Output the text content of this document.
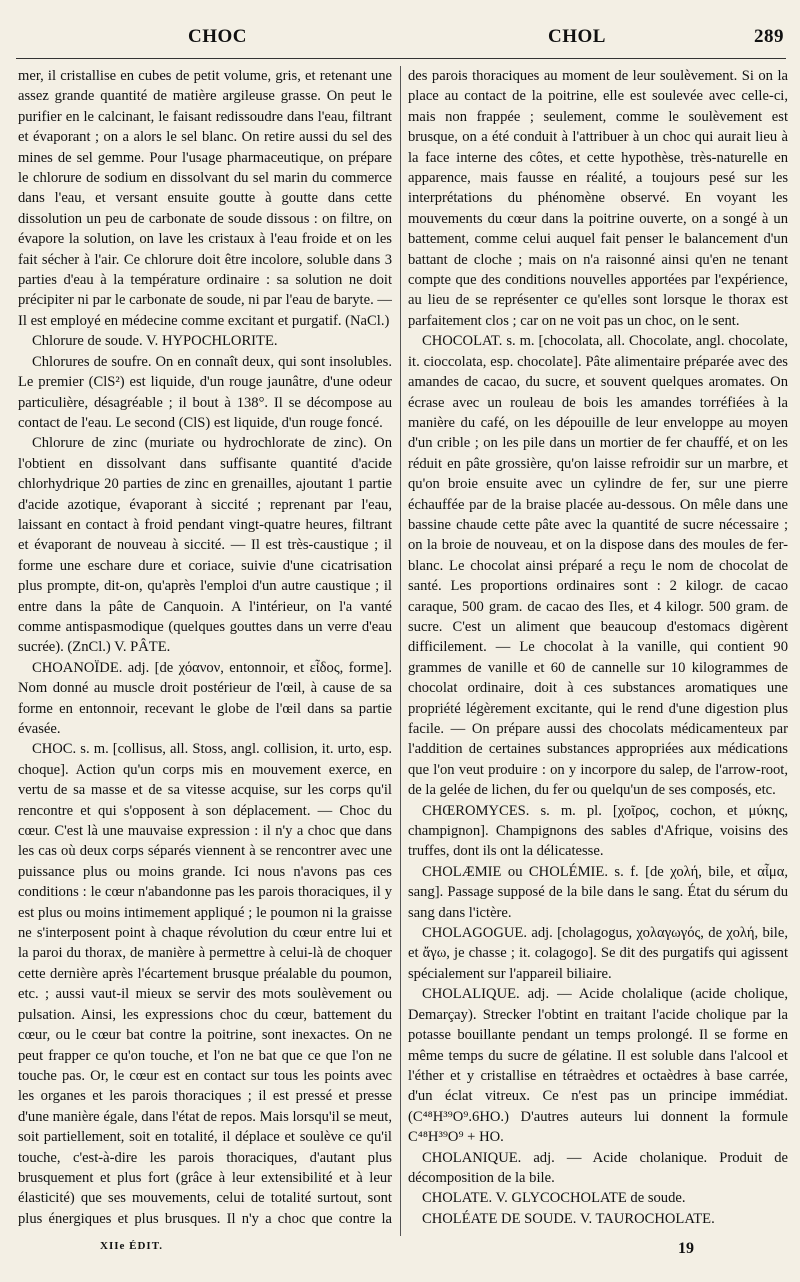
CHOC	CHOL	289

mer, il cristallise en cubes de petit volume, gris, et retenant une assez grande quantité de matière argileuse grasse. On peut le purifier en le calcinant, le faisant redissoudre dans l'eau, filtrant et évaporant ; on a alors le sel blanc. On retire aussi du sel des mines de sel gemme. Pour l'usage pharmaceutique, on prépare le chlorure de sodium en dissolvant du sel marin du commerce dans l'eau, et versant ensuite goutte à goutte dans cette dissolution un peu de carbonate de soude dissous : on filtre, on évapore la solution, on lave les cristaux à l'eau froide et on les fait sécher à l'air. Ce chlorure doit être incolore, soluble dans 3 parties d'eau à la température ordinaire : sa solution ne doit précipiter ni par le carbonate de soude, ni par l'eau de baryte. — Il est employé en médecine comme excitant et purgatif. (NaCl.)

Chlorure de soude. V. HYPOCHLORITE.

Chlorures de soufre. On en connaît deux, qui sont insolubles. Le premier (ClS²) est liquide, d'un rouge jaunâtre, d'une odeur particulière, désagréable ; il bout à 138°. Il se décompose au contact de l'eau. Le second (ClS) est liquide, d'un rouge foncé.

Chlorure de zinc (muriate ou hydrochlorate de zinc). On l'obtient en dissolvant dans suffisante quantité d'acide chlorhydrique 20 parties de zinc en grenailles, ajoutant 1 partie d'acide azotique, évaporant à siccité ; reprenant par l'eau, laissant en contact à froid pendant vingt-quatre heures, filtrant et évaporant de nouveau à siccité. — Il est très-caustique ; il forme une eschare dure et coriace, suivie d'une cicatrisation plus prompte, dit-on, qu'après l'emploi d'un autre caustique ; il entre dans la pâte de Canquoin. A l'intérieur, on l'a vanté comme antispasmodique (quelques gouttes dans un verre d'eau sucrée). (ZnCl.) V. PÂTE.

CHOANOÏDE. adj. [de χόανον, entonnoir, et εἶδος, forme]. Nom donné au muscle droit postérieur de l'œil, à cause de sa forme en entonnoir, recevant le globe de l'œil dans sa partie évasée.

CHOC. s. m. [collisus, all. Stoss, angl. collision, it. urto, esp. choque]. Action qu'un corps mis en mouvement exerce, en vertu de sa masse et de sa vitesse acquise, sur les corps qu'il rencontre et qui s'opposent à son déplacement. — Choc du cœur. C'est là une mauvaise expression : il n'y a choc que dans les cas où deux corps séparés viennent à se rencontrer avec une puissance plus ou moins grande. Ici nous n'avons pas ces conditions : le cœur n'abandonne pas les parois thoraciques, il y est plus ou moins intimement appliqué ; le poumon ni la graisse ne s'interposent point à chaque révolution du cœur entre lui et la paroi du thorax, de manière à permettre à celui-là de choquer cette dernière après l'écartement brusque préalable du poumon, etc. ; aussi vaut-il mieux se servir des mots soulèvement ou pulsation. Ainsi, les expressions choc du cœur, battement du cœur, ou le cœur bat contre la poitrine, sont inexactes. On ne peut frapper ce qu'on touche, et l'on ne bat que ce que l'on ne touche pas. Or, le cœur est en contact sur tous les points avec les organes et les parois thoraciques ; il est pressé et presse d'une manière égale, dans l'état de repos. Mais lorsqu'il se meut, soit partiellement, soit en totalité, il déplace et soulève ce qu'il touche, c'est-à-dire les parois thoraciques, d'autant plus brusquement et plus fort (grâce à leur extensibilité et à leur élasticité) que ses mouvements, celui de totalité surtout, sont plus énergiques et plus brusques. Il n'y a choc que contre la

des parois thoraciques au moment de leur soulèvement. Si on la place au contact de la poitrine, elle est soulevée avec celle-ci, mais non frappée ; seulement, comme le soulèvement est brusque, on a été conduit à l'attribuer à un choc qui aurait lieu à la face interne des côtes, et cette hypothèse, très-naturelle en apparence, mais fausse en réalité, a toujours pesé sur les interprétations du phénomène observé. En voyant les mouvements du cœur dans la poitrine ouverte, on a songé à un battement, comme celui auquel fait penser le balancement d'un battant de cloche ; mais on n'a raisonné ainsi qu'en ne tenant compte que des conditions nouvelles apportées par l'expérience, au lieu de se représenter ce qu'elles sont lorsque le thorax est parfaitement clos ; car on ne voit pas un choc, on le sent.

CHOCOLAT. s. m. [chocolata, all. Chocolate, angl. chocolate, it. cioccolata, esp. chocolate]. Pâte alimentaire préparée avec des amandes de cacao, du sucre, et souvent quelques aromates. On écrase avec un rouleau de bois les amandes torréfiées à la manière du café, on les dépouille de leur enveloppe au moyen d'un crible ; on les pile dans un mortier de fer chauffé, et on les réduit en pâte grossière, qu'on laisse refroidir sur un marbre, et qu'on broie ensuite avec un cylindre de fer, sur une pierre échauffée par de la braise placée au-dessous. On mêle dans une bassine chaude cette pâte avec la quantité de sucre nécessaire ; on la broie de nouveau, et on la dispose dans des moules de fer-blanc. Le chocolat ainsi préparé a reçu le nom de chocolat de santé. Les proportions ordinaires sont : 2 kilogr. de cacao caraque, 500 gram. de cacao des Iles, et 4 kilogr. 500 gram. de sucre. C'est un aliment que beaucoup d'estomacs digèrent difficilement. — Le chocolat à la vanille, qui contient 90 grammes de vanille et 60 de cannelle sur 10 kilogrammes de chocolat ordinaire, doit à ces substances aromatiques une propriété légèrement excitante, qui le rend d'une digestion plus facile. — On prépare aussi des chocolats médicamenteux par l'addition de certaines substances appropriées aux médications que l'on veut produire : on y incorpore du salep, de l'arrow-root, de la gelée de lichen, du fer ou quelqu'un de ses composés, etc.

CHŒROMYCES. s. m. pl. [χοῖρος, cochon, et μύκης, champignon]. Champignons des sables d'Afrique, voisins des truffes, dont ils ont la délicatesse.

CHOLÆMIE ou CHOLÉMIE. s. f. [de χολή, bile, et αἷμα, sang]. Passage supposé de la bile dans le sang. État du sérum du sang dans l'ictère.

CHOLAGOGUE. adj. [cholagogus, χολαγωγός, de χολή, bile, et ἄγω, je chasse ; it. colagogo]. Se dit des purgatifs qui agissent spécialement sur l'appareil biliaire.

CHOLALIQUE. adj. — Acide cholalique (acide cholique, Demarçay). Strecker l'obtint en traitant l'acide cholique par la potasse bouillante pendant un temps prolongé. Il se forme en même temps du sucre de gélatine. Il est soluble dans l'alcool et l'éther et y cristallise en tétraèdres et octaèdres à base carrée, d'un éclat vitreux. Ce n'est pas un principe immédiat. (C⁴⁸H³⁹O⁹.6HO.) D'autres auteurs lui donnent la formule C⁴⁸H³⁹O⁹ + HO.

CHOLANIQUE. adj. — Acide cholanique. Produit de décomposition de la bile.

CHOLATE. V. GLYCOCHOLATE de soude.

CHOLÉATE DE SOUDE. V. TAUROCHOLATE.

XIIe ÉDIT.	19
